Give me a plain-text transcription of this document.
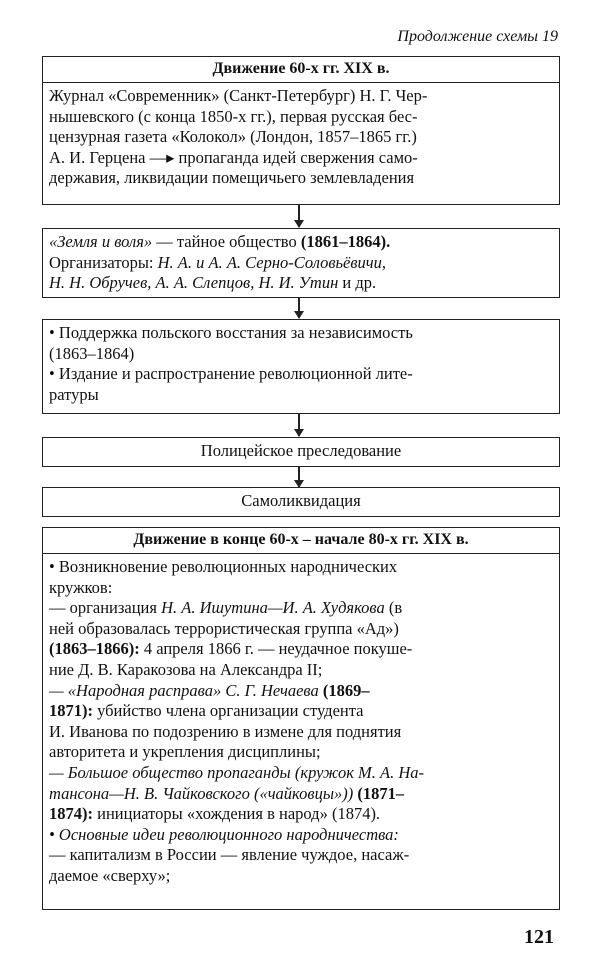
Продолжение схемы 19
Движение 60-х гг. XIX в.
Журнал «Современник» (Санкт-Петербург) Н. Г. Чер-
нышевского (с конца 1850-х гг.), первая русская бес-
цензурная газета «Колокол» (Лондон, 1857–1865 гг.)
А. И. Герцена —▸ пропаганда идей свержения само-
державия, ликвидации помещичьего землевладения
«Земля и воля» — тайное общество (1861–1864).
Организаторы: Н. А. и А. А. Серно-Соловьёвичи,
Н. Н. Обручев, А. А. Слепцов, Н. И. Утин и др.
• Поддержка польского восстания за независимость
(1863–1864)
• Издание и распространение революционной лите-
ратуры
Полицейское преследование
Самоликвидация
Движение в конце 60-х – начале 80-х гг. XIX в.
• Возникновение революционных народнических
кружков:
— организация Н. А. Ишутина—И. А. Худякова (в
ней образовалась террористическая группа «Ад»)
(1863–1866): 4 апреля 1866 г. — неудачное покуше-
ние Д. В. Каракозова на Александра II;
— «Народная расправа» С. Г. Нечаева (1869–
1871): убийство члена организации студента
И. Иванова по подозрению в измене для поднятия
авторитета и укрепления дисциплины;
— Большое общество пропаганды (кружок М. А. На-
тансона—Н. В. Чайковского («чайковцы»)) (1871–
1874): инициаторы «хождения в народ» (1874).
• Основные идеи революционного народничества:
— капитализм в России — явление чуждое, насаж-
даемое «сверху»;
121
